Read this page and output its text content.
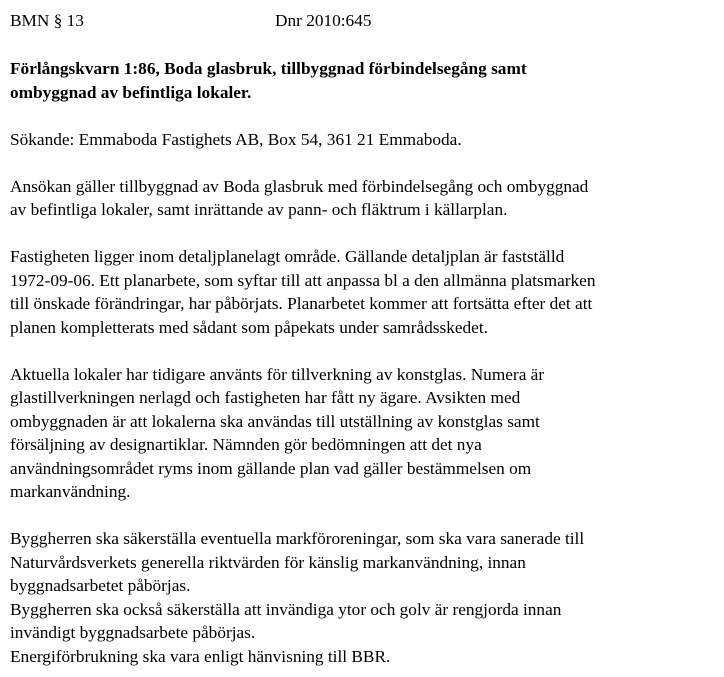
BMN § 13	Dnr 2010:645
Förlångskvarn 1:86, Boda glasbruk, tillbyggnad förbindelsegång samt
ombyggnad av befintliga lokaler.

Sökande: Emmaboda Fastighets AB, Box 54, 361 21 Emmaboda.

Ansökan gäller tillbyggnad av Boda glasbruk med förbindelsegång och ombyggnad
av befintliga lokaler, samt inrättande av pann- och fläktrum i källarplan.
Fastigheten ligger inom detaljplanelagt område. Gällande detaljplan är fastställd
1972-09-06. Ett planarbete, som syftar till att anpassa bl a den allmänna platsmarken
till önskade förändringar, har påbörjats. Planarbetet kommer att fortsätta efter det att
planen kompletterats med sådant som påpekats under samrådsskedet.
Aktuella lokaler har tidigare använts för tillverkning av konstglas. Numera är
glastillverkningen nerlagd och fastigheten har fått ny ägare. Avsikten med
ombyggnaden är att lokalerna ska användas till utställning av konstglas samt
försäljning av designartiklar. Nämnden gör bedömningen att det nya
användningsområdet ryms inom gällande plan vad gäller bestämmelsen om
markanvändning.
Byggherren ska säkerställa eventuella markföroreningar, som ska vara sanerade till
Naturvårdsverkets generella riktvärden för känslig markanvändning, innan
byggnadsarbetet påbörjas.
Byggherren ska också säkerställa att invändiga ytor och golv är rengjorda innan
invändigt byggnadsarbete påbörjas.
Energiförbrukning ska vara enligt hänvisning till BBR.
